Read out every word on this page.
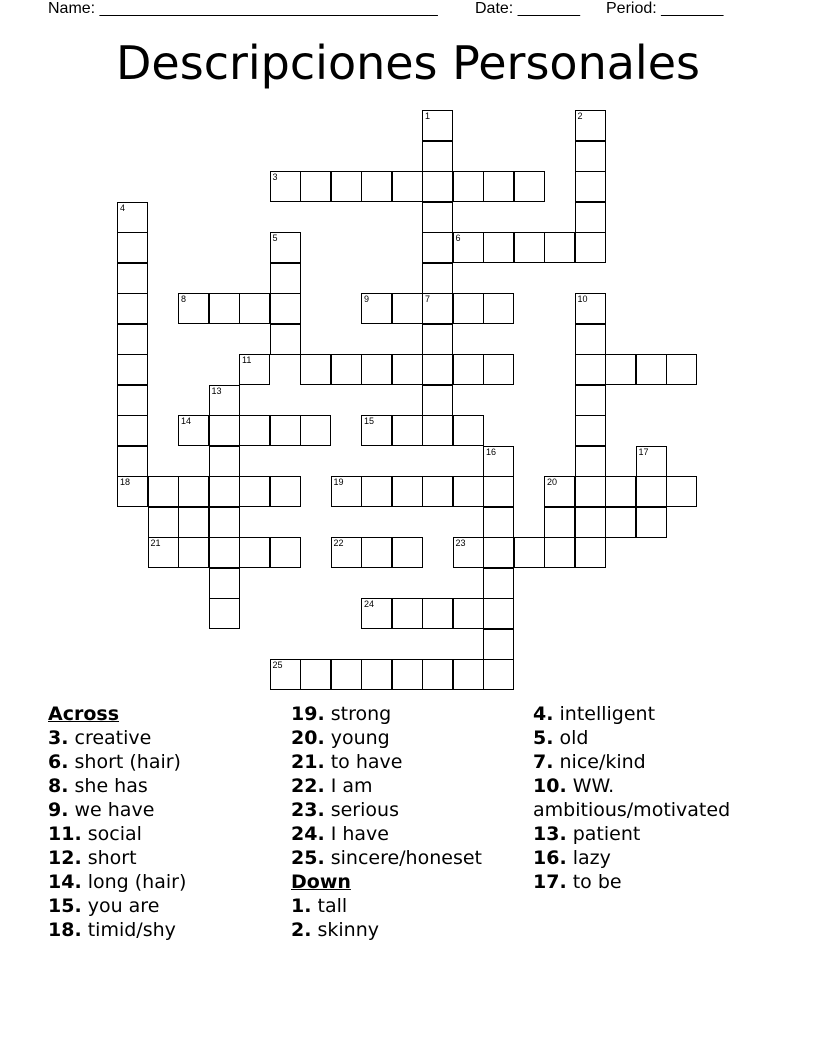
Name: ______________________________________ Date: _______ Period: _______
Descripciones Personales
1	2
3
4
5	6
7
8	9	10
11
13
14	15
16	17
18	19	20
21	22	23
24
25
Across
3. creative
6. short (hair)
8. she has
9. we have
11. social
12. short
14. long (hair)
15. you are
18. timid/shy
19. strong
20. young
21. to have
22. I am
23. serious
24. I have
25. sincere/honeset
Down
1. tall
2. skinny
4. intelligent
5. old
7. nice/kind
10. WW.
ambitious/motivated
13. patient
16. lazy
17. to be
